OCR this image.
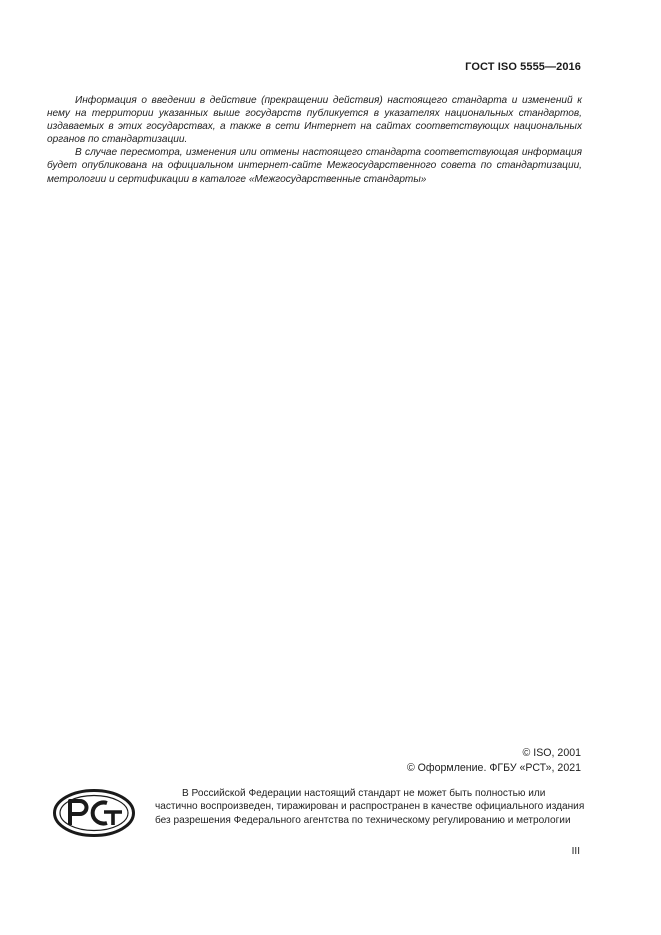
ГОСТ ISO 5555—2016

Информация о введении в действие (прекращении действия) настоящего стандарта и изменений к нему на территории указанных выше государств публикуется в указателях национальных стандартов, издаваемых в этих государствах, а также в сети Интернет на сайтах соответствующих национальных органов по стандартизации.

В случае пересмотра, изменения или отмены настоящего стандарта соответствующая информация будет опубликована на официальном интернет-сайте Межгосударственного совета по стандартизации, метрологии и сертификации в каталоге «Межгосударственные стандарты»

© ISO, 2001
© Оформление. ФГБУ «РСТ», 2021

В Российской Федерации настоящий стандарт не может быть полностью или частично воспроизведен, тиражирован и распространен в качестве официального издания без разрешения Федерального агентства по техническому регулированию и метрологии

III
